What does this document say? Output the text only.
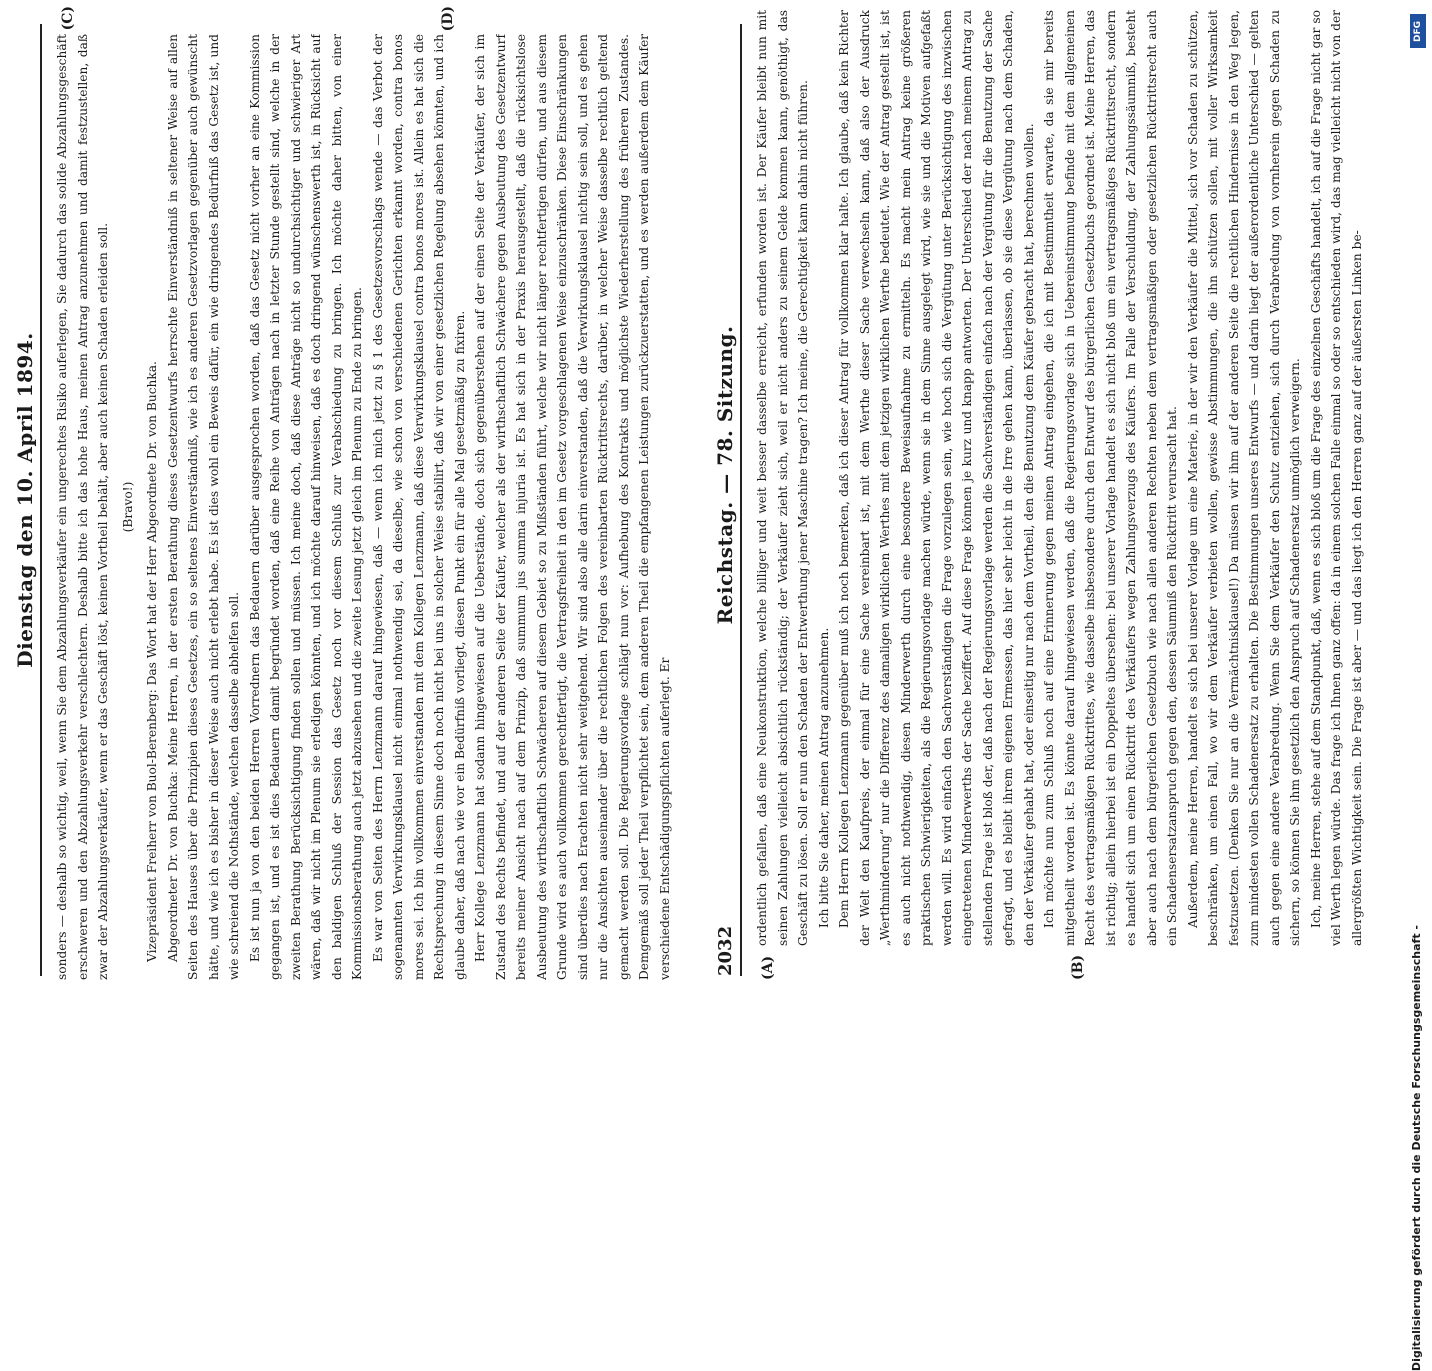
2032
Reichstag. — 78. Sitzung.
(A)	(B)

ordentlich gefallen, daß eine Neukonstruktion, welche billiger und weit besser dasselbe erreicht, erfunden worden ist. Der Käufer bleibt nun mit seinen Zahlungen vielleicht absichtlich rückständig; der Verkäufer zieht sich, weil er nicht anders zu seinem Gelde kommen kann, genöthigt, das Geschäft zu lösen. Soll er nun den Schaden der Entwerthung jener Maschine tragen? Ich meine, die Gerechtigkeit kann dahin nicht führen. Ich bitte Sie daher, meinen Antrag anzunehmen. Dem Herrn Kollegen Lenzmann gegenüber muß ich noch bemerken, daß ich dieser Antrag für vollkommen klar halte. Ich glaube, daß kein Richter der Welt den Kaufpreis, der einmal für eine Sache vereinbart ist, mit dem Werthe dieser Sache verwechseln kann, daß also der Ausdruck „Werthminderung“ nur die Differenz des damaligen wirklichen Werthes mit dem jetzigen wirklichen Werthe bedeutet. Wie der Antrag gestellt ist, ist es auch nicht nothwendig, diesen Minderwerth durch eine besondere Beweisaufnahme zu ermitteln. Es macht mein Antrag keine größeren praktischen Schwierigkeiten, als die Regierungsvorlage machen würde, wenn sie in dem Sinne ausgelegt wird, wie sie und die Motiven aufgefaßt werden will. Es wird einfach den Sachverständigen die Frage vorzulegen sein, wie hoch sich die Vergütung unter Berücksichtigung des inzwischen eingetretenen Minderwerths der Sache beziffert. Auf diese Frage können je kurz und knapp antworten. Der Unterschied der nach meinem Antrag zu stellenden Frage ist bloß der, daß nach der Regierungsvorlage werden die Sachverständigen einfach nach der Vergütung für die Benutzung der Sache gefragt, und es bleibt ihrem eigenen Ermessen, das hier sehr leicht in die Irre gehen kann, überlassen, ob sie diese Vergütung nach dem Schaden, den der Verkäufer gehabt hat, oder einseitig nur nach dem Vortheil, den die Benutzung dem Käufer gebracht hat, berechnen wollen. Ich möchte nun zum Schluß noch auf eine Erinnerung gegen meinen Antrag eingehen, die ich mit Bestimmtheit erwarte, da sie mir bereits mitgetheilt worden ist. Es könnte darauf hingewiesen werden, daß die Regierungsvorlage sich in Uebereinstimmung befinde mit dem allgemeinen Recht des vertragsmäßigen Rücktrittes, wie dasselbe insbesondere durch den Entwurf des bürgerlichen Gesetzbuchs geordnet ist. Meine Herren, das ist richtig; allein hierbei ist ein Doppeltes übersehen: bei unserer Vorlage handelt es sich nicht bloß um ein vertragsmäßiges Rücktrittsrecht, sondern es handelt sich um einen Rücktritt des Verkäufers wegen Zahlungsverzugs des Käufers. Im Falle der Verschuldung, der Zahlungssäumniß, besteht aber auch nach dem bürgerlichen Gesetzbuch wie nach allen anderen Rechten neben dem vertragsmäßigen oder gesetzlichen Rücktrittsrecht auch ein Schadensersatzanspruch gegen den, dessen Säumniß den Rücktritt verursacht hat. Außerdem, meine Herren, handelt es sich bei unserer Vorlage um eine Materie, in der wir den Verkäufer die Mittel, sich vor Schaden zu schützen, beschränken, um einen Fall, wo wir dem Verkäufer verbieten wollen, gewisse Abstimmungen, die ihn schützen sollen, mit voller Wirksamkeit festzusetzen. (Denken Sie nur an die Vermächtnisklausel!) Da müssen wir ihm auf der anderen Seite die rechtlichen Hindernisse in den Weg legen, zum mindesten vollen Schadenersatz zu erhalten. Die Bestimmungen unseres Entwurfs — und darin liegt der außerordentliche Unterschied — gelten auch gegen eine andere Verabredung. Wenn Sie dem Verkäufer den Schutz entziehen, sich durch Verabredung von vornherein gegen Schaden zu sichern, so können Sie ihm gesetzlich den Anspruch auf Schadenersatz unmöglich verweigern. Ich, meine Herren, stehe auf dem Standpunkt, daß, wenn es sich bloß um die Frage des einzelnen Geschäfts handelt, ich auf die Frage nicht gar so viel Werth legen würde. Das frage ich Ihnen ganz offen: da in einem solchen Falle einmal so oder so entschieden wird, das mag vielleicht nicht von der allergrößten Wichtigkeit sein. Die Frage ist aber — und das liegt ich den Herren ganz auf der äußersten Linken be-

Dienstag den 10. April 1894.
(C)	(D)

sonders — deshalb so wichtig, weil, wenn Sie dem Abzahlungsverkäufer ein ungerechtes Risiko auferlegen, Sie dadurch das solide Abzahlungsgeschäft erschweren und den Abzahlungsverkehr verschlechtern. Deshalb bitte ich das hohe Haus, meinen Antrag anzunehmen und damit festzustellen, daß zwar der Abzahlungsverkäufer, wenn er das Geschäft löst, keinen Vortheil behält, aber auch keinen Schaden erleiden soll. (Bravo!) Vizepräsident Freiherr von Buol-Berenberg: Das Wort hat der Herr Abgeordnete Dr. von Buchka. Abgeordneter Dr. von Buchka: Meine Herren, in der ersten Berathung dieses Gesetzentwurfs herrschte Einverständniß in seltener Weise auf allen Seiten des Hauses über die Prinzipien dieses Gesetzes, ein so seltenes Einverständniß, wie ich es anderen Gesetzvorlagen gegenüber auch gewünscht hätte, und wie ich es bisher in dieser Weise auch nicht erlebt habe. Es ist dies wohl ein Beweis dafür, ein wie dringendes Bedürfniß das Gesetz ist, und wie schreiend die Nothstände, welchen dasselbe abhelfen soll. Es ist nun ja von den beiden Herren Vorrednern das Bedauern darüber ausgesprochen worden, daß das Gesetz nicht vorher an eine Kommission gegangen ist, und es ist dies Bedauern damit begründet worden, daß eine Reihe von Anträgen nach in letzter Stunde gestellt sind, welche in der zweiten Berathung Berücksichtigung finden sollen und müssen. Ich meine doch, daß diese Anträge nicht so undurchsichtiger und schwieriger Art wären, daß wir nicht im Plenum sie erledigen könnten, und ich möchte darauf hinweisen, daß es doch dringend wünschenswerth ist, in Rücksicht auf den baldigen Schluß der Session das Gesetz noch vor diesem Schluß zur Verabschiedung zu bringen. Ich möchte daher bitten, von einer Kommissionsberathung auch jetzt abzusehen und die zweite Lesung jetzt gleich im Plenum zu Ende zu bringen. Es war von Seiten des Herrn Lenzmann darauf hingewiesen, daß — wenn ich mich jetzt zu § 1 des Gesetzesvorschlags wende — das Verbot der sogenannten Verwirkungsklausel nicht einmal nothwendig sei, da dieselbe, wie schon von verschiedenen Gerichten erkannt worden, contra bonos mores sei. Ich bin vollkommen einverstanden mit dem Kollegen Lenzmann, daß diese Verwirkungsklausel contra bonos mores ist. Allein es hat sich die Rechtsprechung in diesem Sinne doch noch nicht bei uns in solcher Weise stabilirt, daß wir von einer gesetzlichen Regelung absehen könnten, und ich glaube daher, daß nach wie vor ein Bedürfniß vorliegt, diesen Punkt ein für alle Mal gesetzmäßig zu fixiren. Herr Kollege Lenzmann hat sodann hingewiesen auf die Ueberstände, doch sich gegenüberstehen auf der einen Seite der Verkäufer, der sich im Zustand des Rechts befindet, und auf der anderen Seite der Käufer, welcher als der wirthschaftlich Schwächere gegen Ausbeutung des Gesetzentwurf bereits meiner Ansicht nach auf dem Prinzip, daß summum jus summa injuria ist. Es hat sich in der Praxis herausgestellt, daß die rücksichtslose Ausbeutung des wirthschaftlich Schwächeren auf diesem Gebiet so zu Mißständen führt, welche wir nicht länger rechtfertigen dürfen, und aus diesem Grunde wird es auch vollkommen gerechtfertigt, die Vertragsfreiheit in den im Gesetz vorgeschlagenen Weise einzuschränken. Diese Einschränkungen sind überdies nach Erachten nicht sehr weitgehend. Wir sind also alle darin einverstanden, daß die Verwirkungsklausel nichtig sein soll, und es gehen nur die Ansichten auseinander über die rechtlichen Folgen des vereinbarten Rücktrittsrechts, darüber, in welcher Weise dasselbe rechtlich geltend gemacht werden soll. Die Regierungsvorlage schlägt nun vor: Aufhebung des Kontrakts und möglichste Wiederherstellung des früheren Zustandes. Demgemäß soll jeder Theil verpflichtet sein, dem anderen Theil die empfangenen Leistungen zurückzuerstatten, und es werden außerdem dem Käufer verschiedene Entschädigungspflichten auferlegt. Er

DFG
Digitalisierung gefördert durch die Deutsche Forschungsgemeinschaft -
